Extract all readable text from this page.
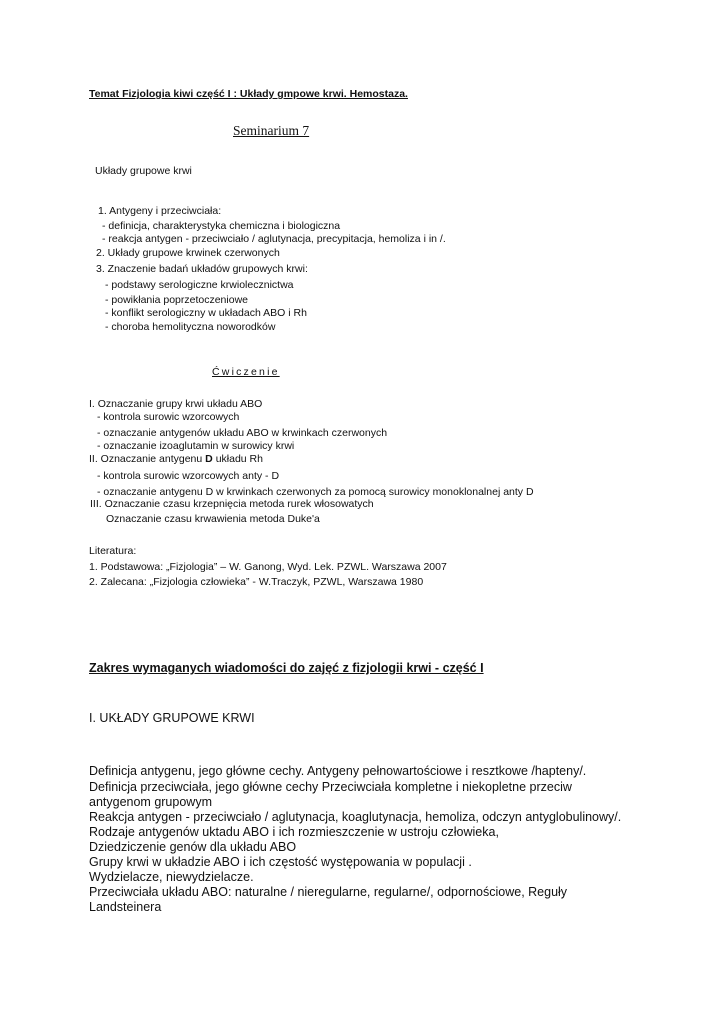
Temat Fizjologia kiwi część I : Układy gmpowe krwi. Hemostaza.
Seminarium 7
Układy grupowe krwi
1. Antygeny i przeciwciała:
- definicja, charakterystyka chemiczna i biologiczna
- reakcja antygen - przeciwciało / aglutynacja, precypitacja, hemoliza i in /.
2. Układy grupowe krwinek czerwonych
3. Znaczenie badań układów grupowych krwi:
- podstawy serologiczne krwiolecznictwa
- powikłania poprzetoczeniowe
- konflikt serologiczny w układach ABO i Rh
- choroba hemolityczna noworodków
Ćwiczenie
I. Oznaczanie grupy krwi układu ABO
- kontrola surowic wzorcowych
- oznaczanie antygenów układu ABO w krwinkach czerwonych
- oznaczanie izoaglutamin w surowicy krwi
II. Oznaczanie antygenu D układu Rh
- kontrola surowic wzorcowych anty - D
- oznaczanie antygenu D w krwinkach czerwonych za pomocą surowicy monoklonalnej anty D
III. Oznaczanie czasu krzepnięcia metoda rurek włosowatych
Oznaczanie czasu krwawienia metoda Duke'a
Literatura:
1. Podstawowa: „Fizjologia” – W. Ganong, Wyd. Lek. PZWL. Warszawa 2007
2. Zalecana: „Fizjologia człowieka” - W.Traczyk, PZWL, Warszawa 1980
Zakres wymaganych wiadomości do zajęć z fizjologii krwi - część I
I. UKŁADY GRUPOWE KRWI
Definicja antygenu, jego główne cechy. Antygeny pełnowartościowe i resztkowe /hapteny/.
Definicja przeciwciała, jego główne cechy Przeciwciała kompletne i niekopletne przeciw
antygenom grupowym
Reakcja antygen - przeciwciało / aglutynacja, koaglutynacja, hemoliza, odczyn antyglobulinowy/.
Rodzaje antygenów uktadu ABO i ich rozmieszczenie w ustroju człowieka,
Dziedziczenie genów dla układu ABO
Grupy krwi w układzie ABO i ich częstość występowania w populacji .
Wydzielacze, niewydzielacze.
Przeciwciała układu ABO: naturalne / nieregularne, regularne/, odpornościowe, Reguły
Landsteinera
